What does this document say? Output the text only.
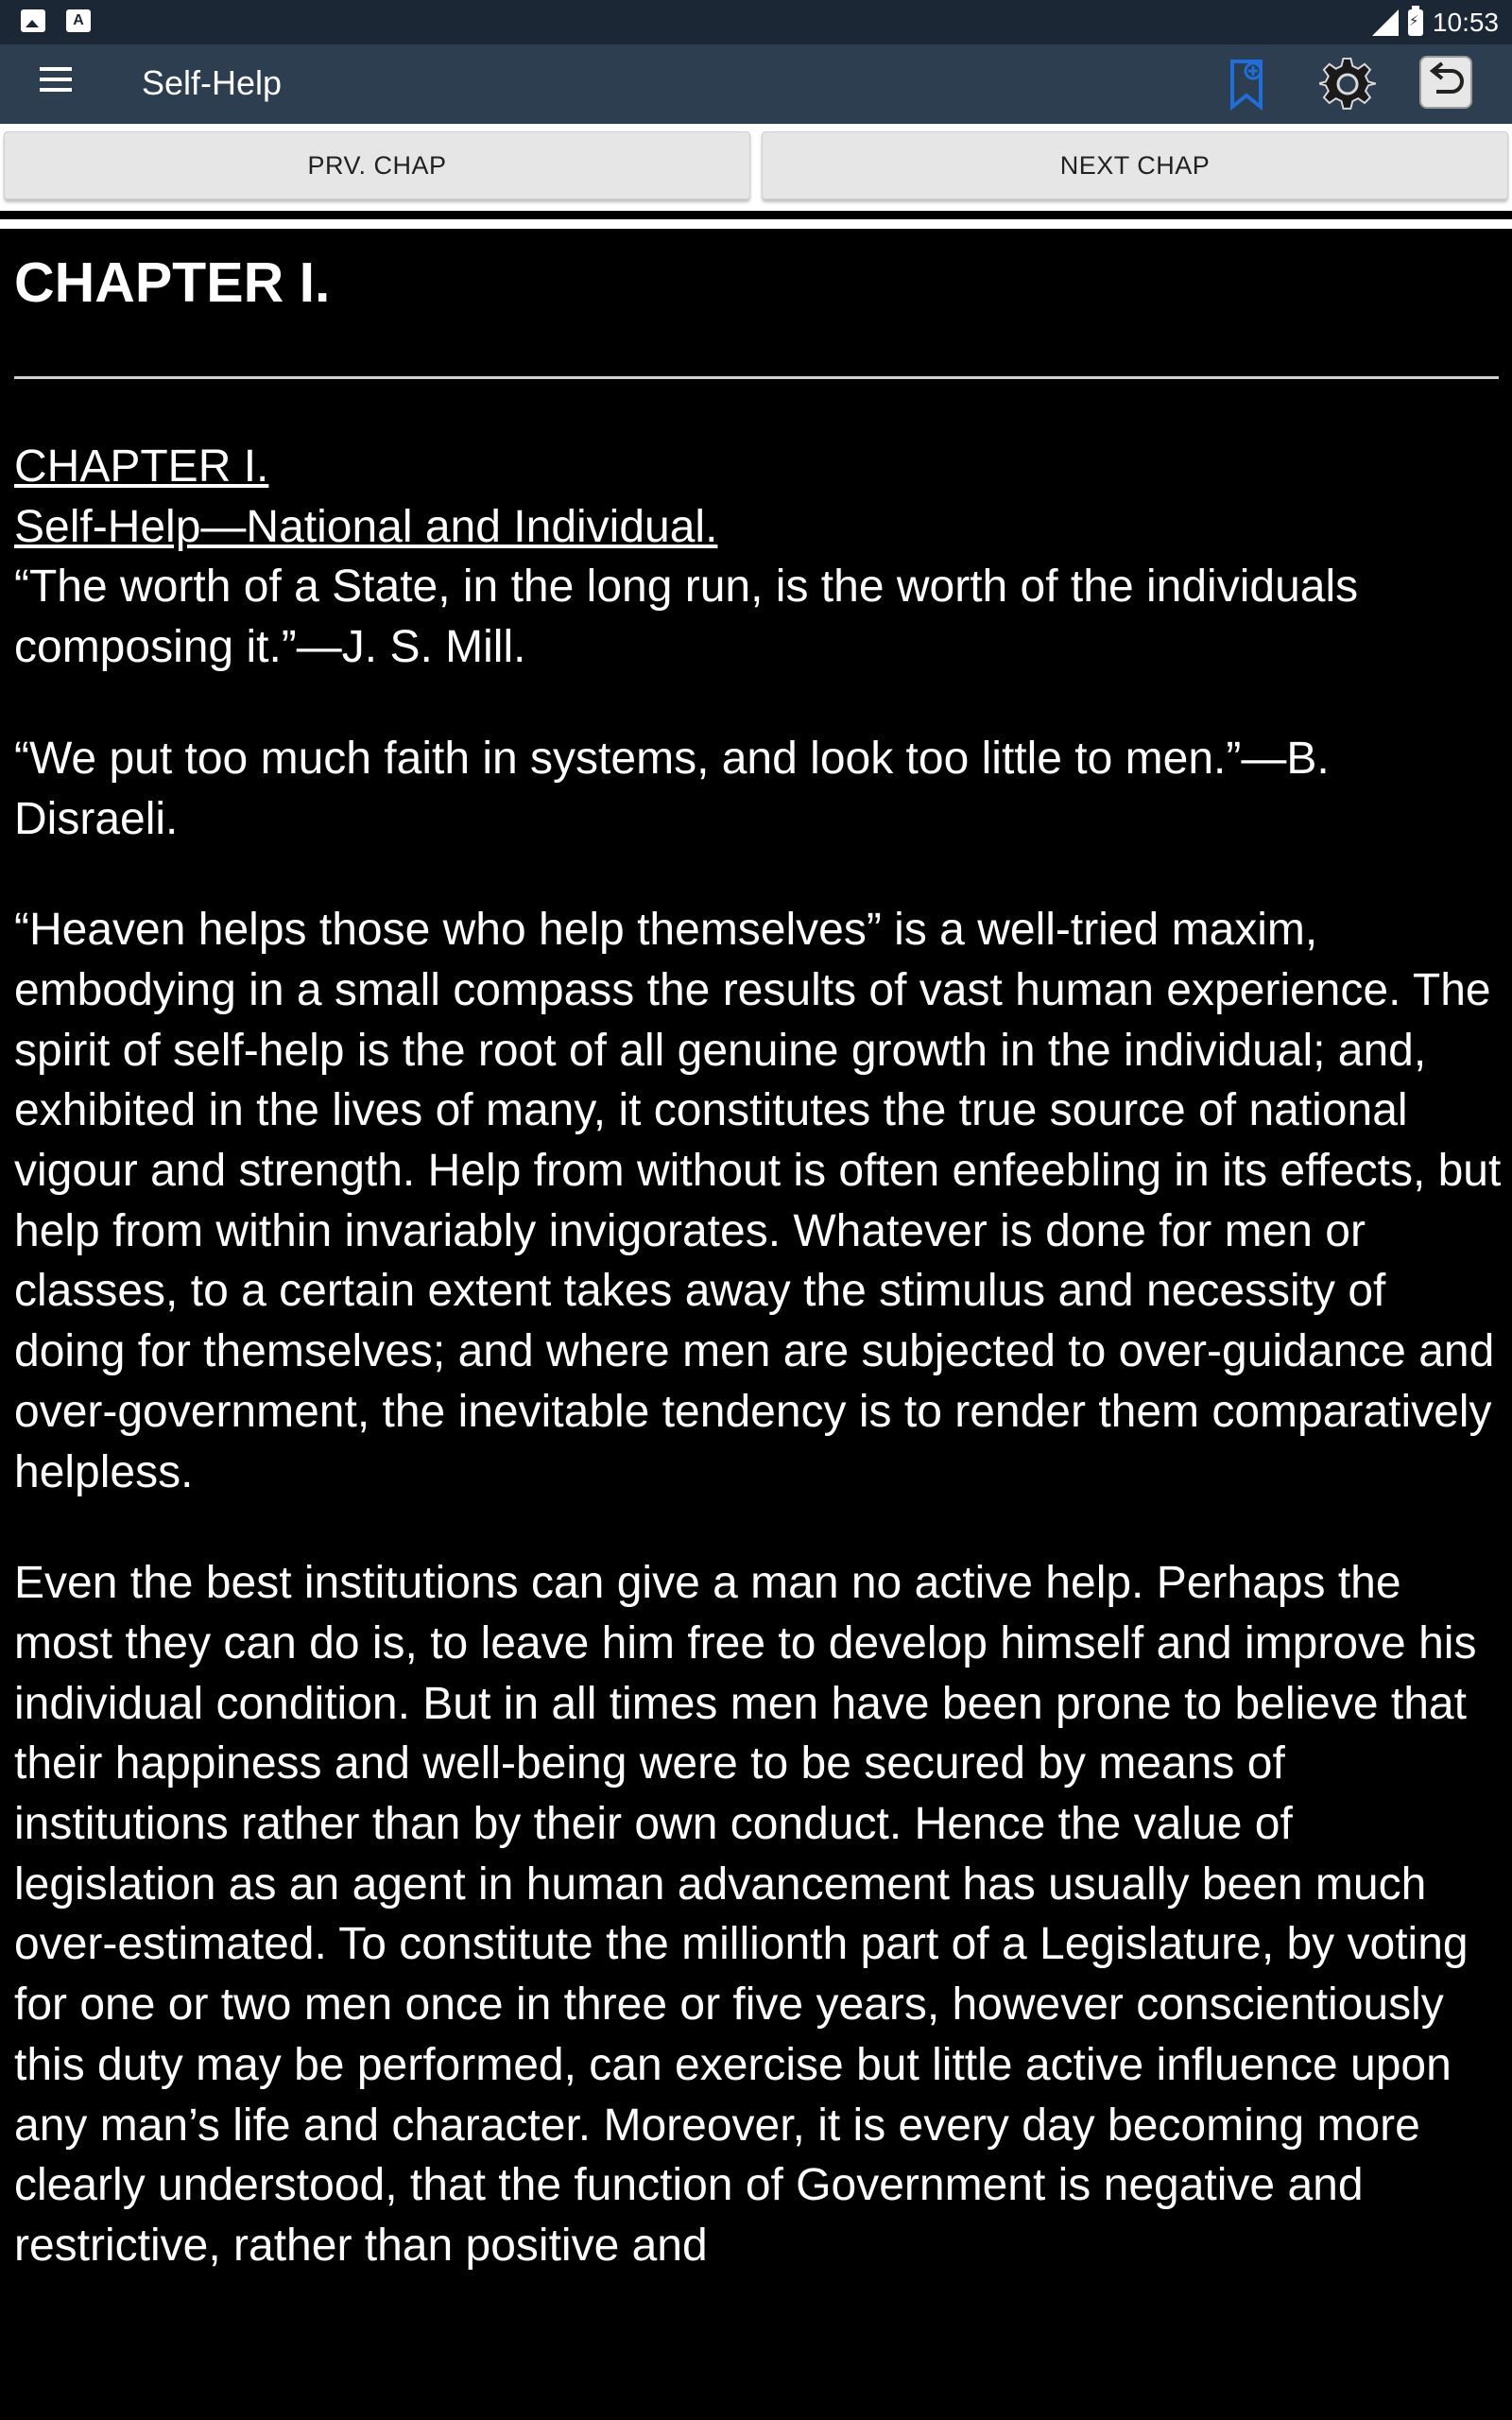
A
⚡	10:53
Self-Help
PRV. CHAP	NEXT CHAP
CHAPTER I.
CHAPTER I.
Self-Help—National and Individual.

“The worth of a State, in the long run, is the worth of the individuals composing it.”—J. S. Mill.

“We put too much faith in systems, and look too little to men.”—B. Disraeli.

“Heaven helps those who help themselves” is a well-tried maxim, embodying in a small compass the results of vast human experience. The spirit of self-help is the root of all genuine growth in the individual; and, exhibited in the lives of many, it constitutes the true source of national vigour and strength. Help from without is often enfeebling in its effects, but help from within invariably invigorates. Whatever is done for men or classes, to a certain extent takes away the stimulus and necessity of doing for themselves; and where men are subjected to over-guidance and over-government, the inevitable tendency is to render them comparatively helpless.

Even the best institutions can give a man no active help. Perhaps the most they can do is, to leave him free to develop himself and improve his individual condition. But in all times men have been prone to believe that their happiness and well-being were to be secured by means of institutions rather than by their own conduct. Hence the value of legislation as an agent in human advancement has usually been much over-estimated. To constitute the millionth part of a Legislature, by voting for one or two men once in three or five years, however conscientiously this duty may be performed, can exercise but little active influence upon any man’s life and character. Moreover, it is every day becoming more clearly understood, that the function of Government is negative and restrictive, rather than positive and
